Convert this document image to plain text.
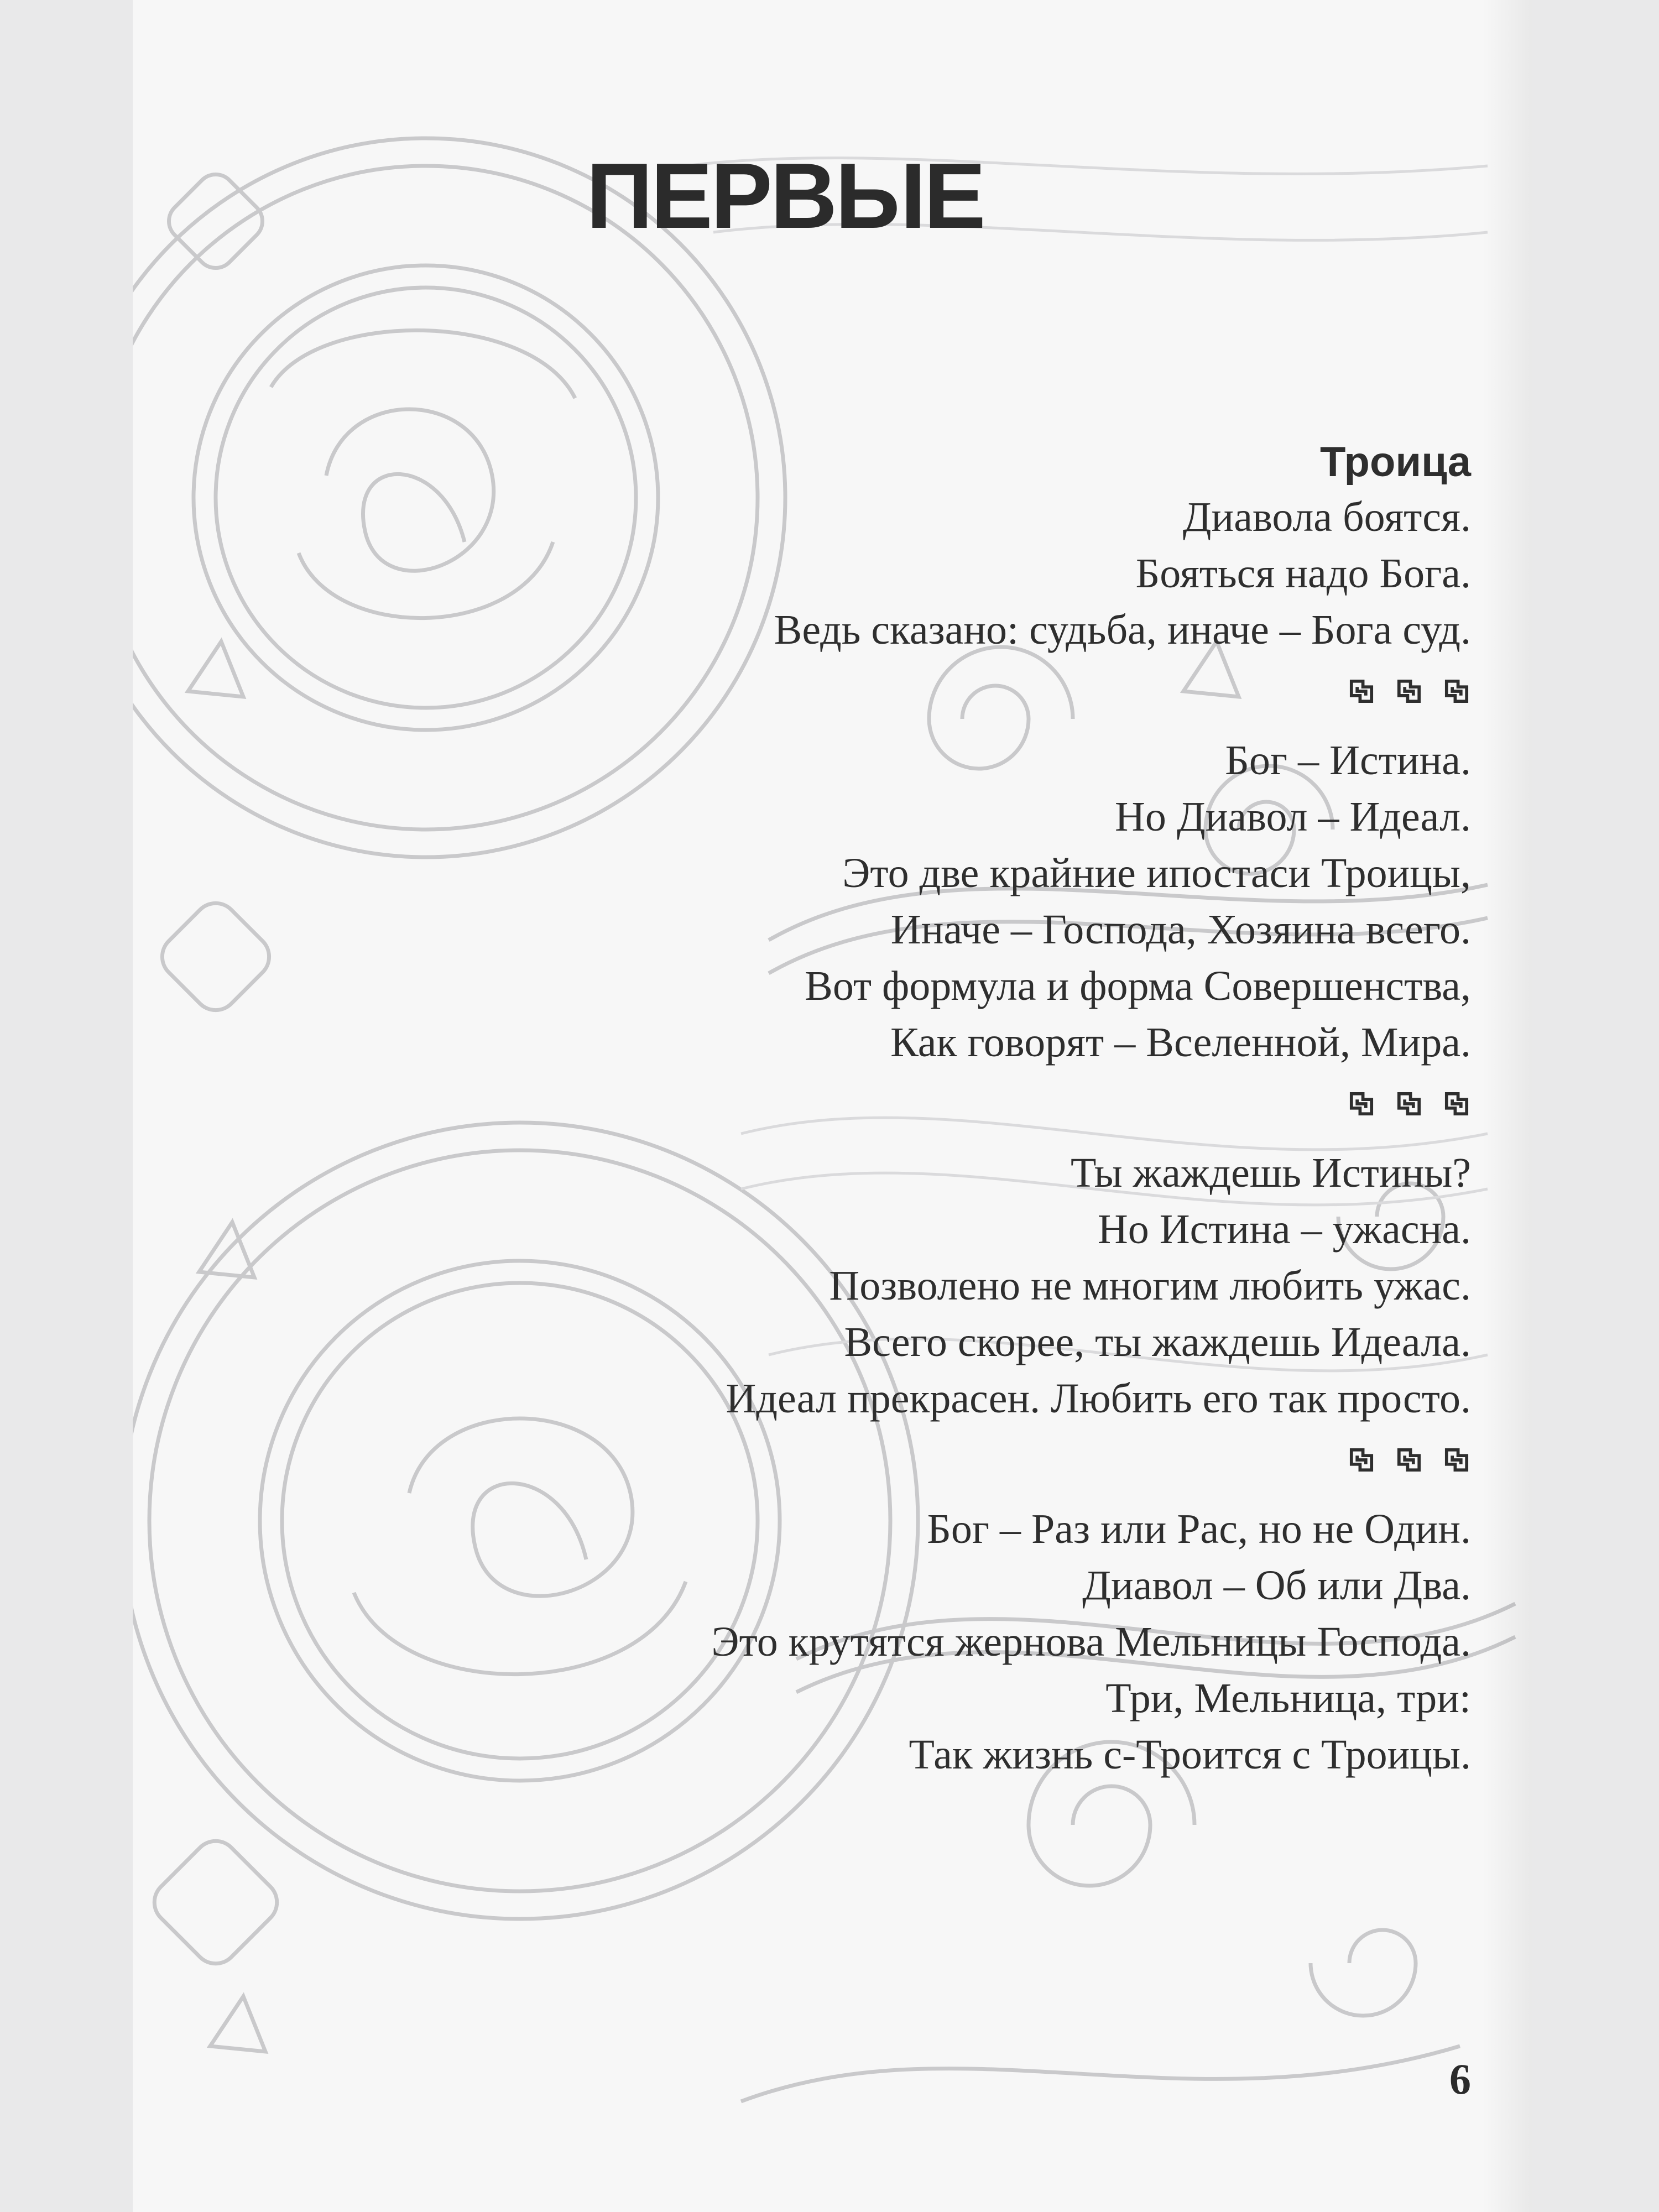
ПЕРВЫЕ

Троица

Диавола боятся.

Бояться надо Бога.

Ведь сказано: судьба, иначе – Бога суд.

Бог – Истина.

Но Диавол – Идеал.

Это две крайние ипостаси Троицы,

Иначе – Господа, Хозяина всего.

Вот формула и форма Совершенства,

Как говорят – Вселенной, Мира.

Ты жаждешь Истины?

Но Истина – ужасна.

Позволено не многим любить ужас.

Всего скорее, ты жаждешь Идеала.

Идеал прекрасен. Любить его так просто.

Бог – Раз или Рас, но не Один.

Диавол – Об или Два.

Это крутятся жернова Мельницы Господа.

Три, Мельница, три:

Так жизнь с-Троится с Троицы.

6
